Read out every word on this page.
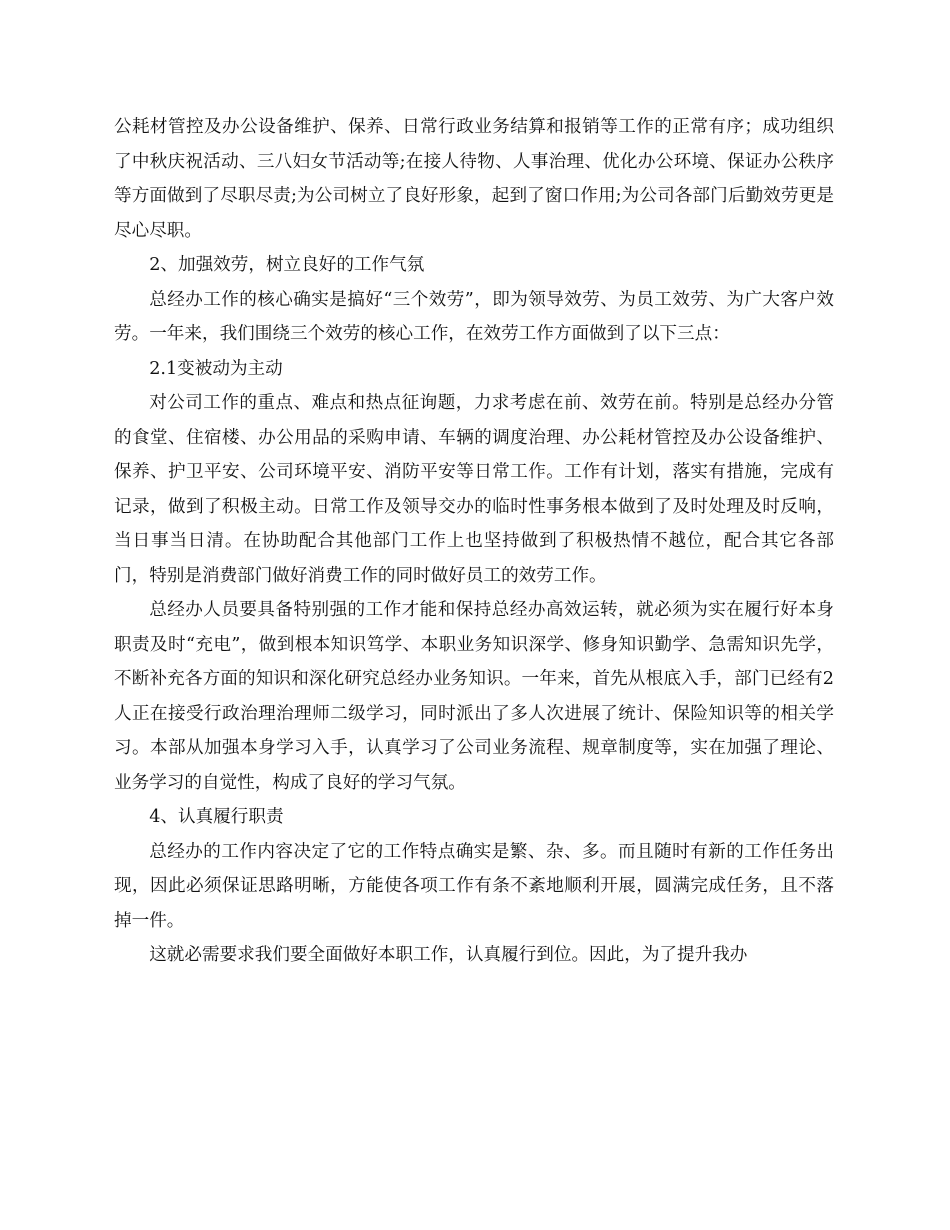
公耗材管控及办公设备维护、保养、日常行政业务结算和报销等工作的正常有序；成功组织了中秋庆祝活动、三八妇女节活动等;在接人待物、人事治理、优化办公环境、保证办公秩序等方面做到了尽职尽责;为公司树立了良好形象，起到了窗口作用;为公司各部门后勤效劳更是尽心尽职。

2、加强效劳，树立良好的工作气氛

总经办工作的核心确实是搞好“三个效劳”，即为领导效劳、为员工效劳、为广大客户效劳。一年来，我们围绕三个效劳的核心工作，在效劳工作方面做到了以下三点：

2.1变被动为主动

对公司工作的重点、难点和热点征询题，力求考虑在前、效劳在前。特别是总经办分管的食堂、住宿楼、办公用品的采购申请、车辆的调度治理、办公耗材管控及办公设备维护、保养、护卫平安、公司环境平安、消防平安等日常工作。工作有计划，落实有措施，完成有记录，做到了积极主动。日常工作及领导交办的临时性事务根本做到了及时处理及时反响，当日事当日清。在协助配合其他部门工作上也坚持做到了积极热情不越位，配合其它各部门，特别是消费部门做好消费工作的同时做好员工的效劳工作。

总经办人员要具备特别强的工作才能和保持总经办高效运转，就必须为实在履行好本身职责及时“充电”，做到根本知识笃学、本职业务知识深学、修身知识勤学、急需知识先学，不断补充各方面的知识和深化研究总经办业务知识。一年来，首先从根底入手，部门已经有2人正在接受行政治理治理师二级学习，同时派出了多人次进展了统计、保险知识等的相关学习。本部从加强本身学习入手，认真学习了公司业务流程、规章制度等，实在加强了理论、业务学习的自觉性，构成了良好的学习气氛。

4、认真履行职责

总经办的工作内容决定了它的工作特点确实是繁、杂、多。而且随时有新的工作任务出现，因此必须保证思路明晰，方能使各项工作有条不紊地顺利开展，圆满完成任务，且不落掉一件。

这就必需要求我们要全面做好本职工作，认真履行到位。因此，为了提升我办
